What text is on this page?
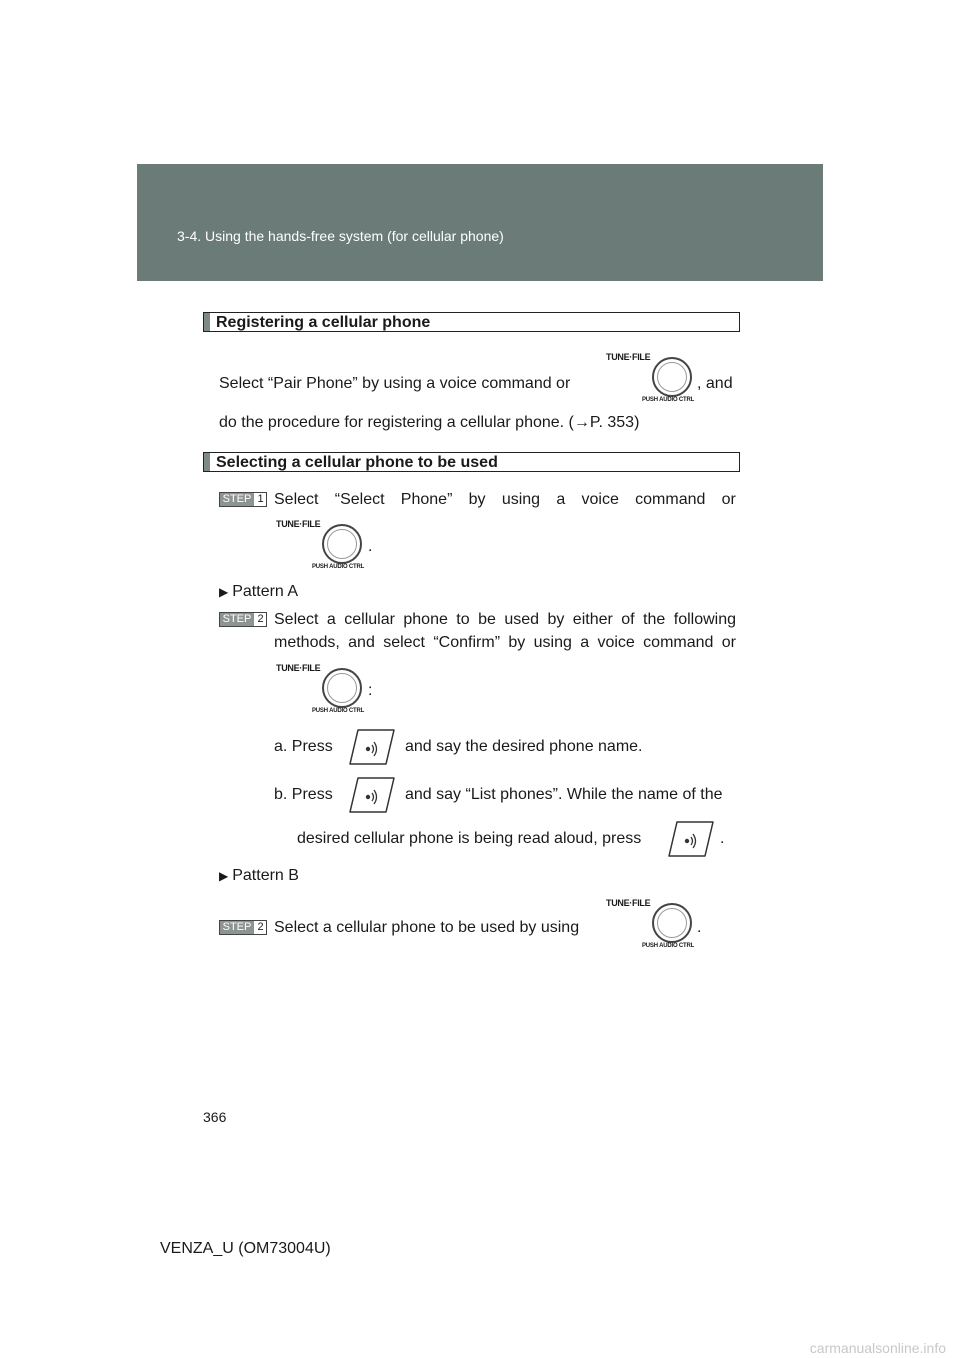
3-4. Using the hands-free system (for cellular phone)
Registering a cellular phone
Select “Pair Phone” by using a voice command or
TUNE·FILE
PUSH AUDIO CTRL
, and
do the procedure for registering a cellular phone. (→P. 353)
Selecting a cellular phone to be used
STEP 1 Select “Select Phone” by using a voice command or
TUNE·FILE
PUSH AUDIO CTRL
.
▶ Pattern A
STEP 2 Select a cellular phone to be used by either of the following
methods, and select “Confirm” by using a voice command or
TUNE·FILE
PUSH AUDIO CTRL
:
a. Press	and say the desired phone name.
b. Press	and say “List phones”. While the name of the
desired cellular phone is being read aloud, press	.
▶ Pattern B
STEP 2 Select a cellular phone to be used by using
TUNE·FILE
PUSH AUDIO CTRL
.
366
VENZA_U (OM73004U)
carmanualsonline.info
